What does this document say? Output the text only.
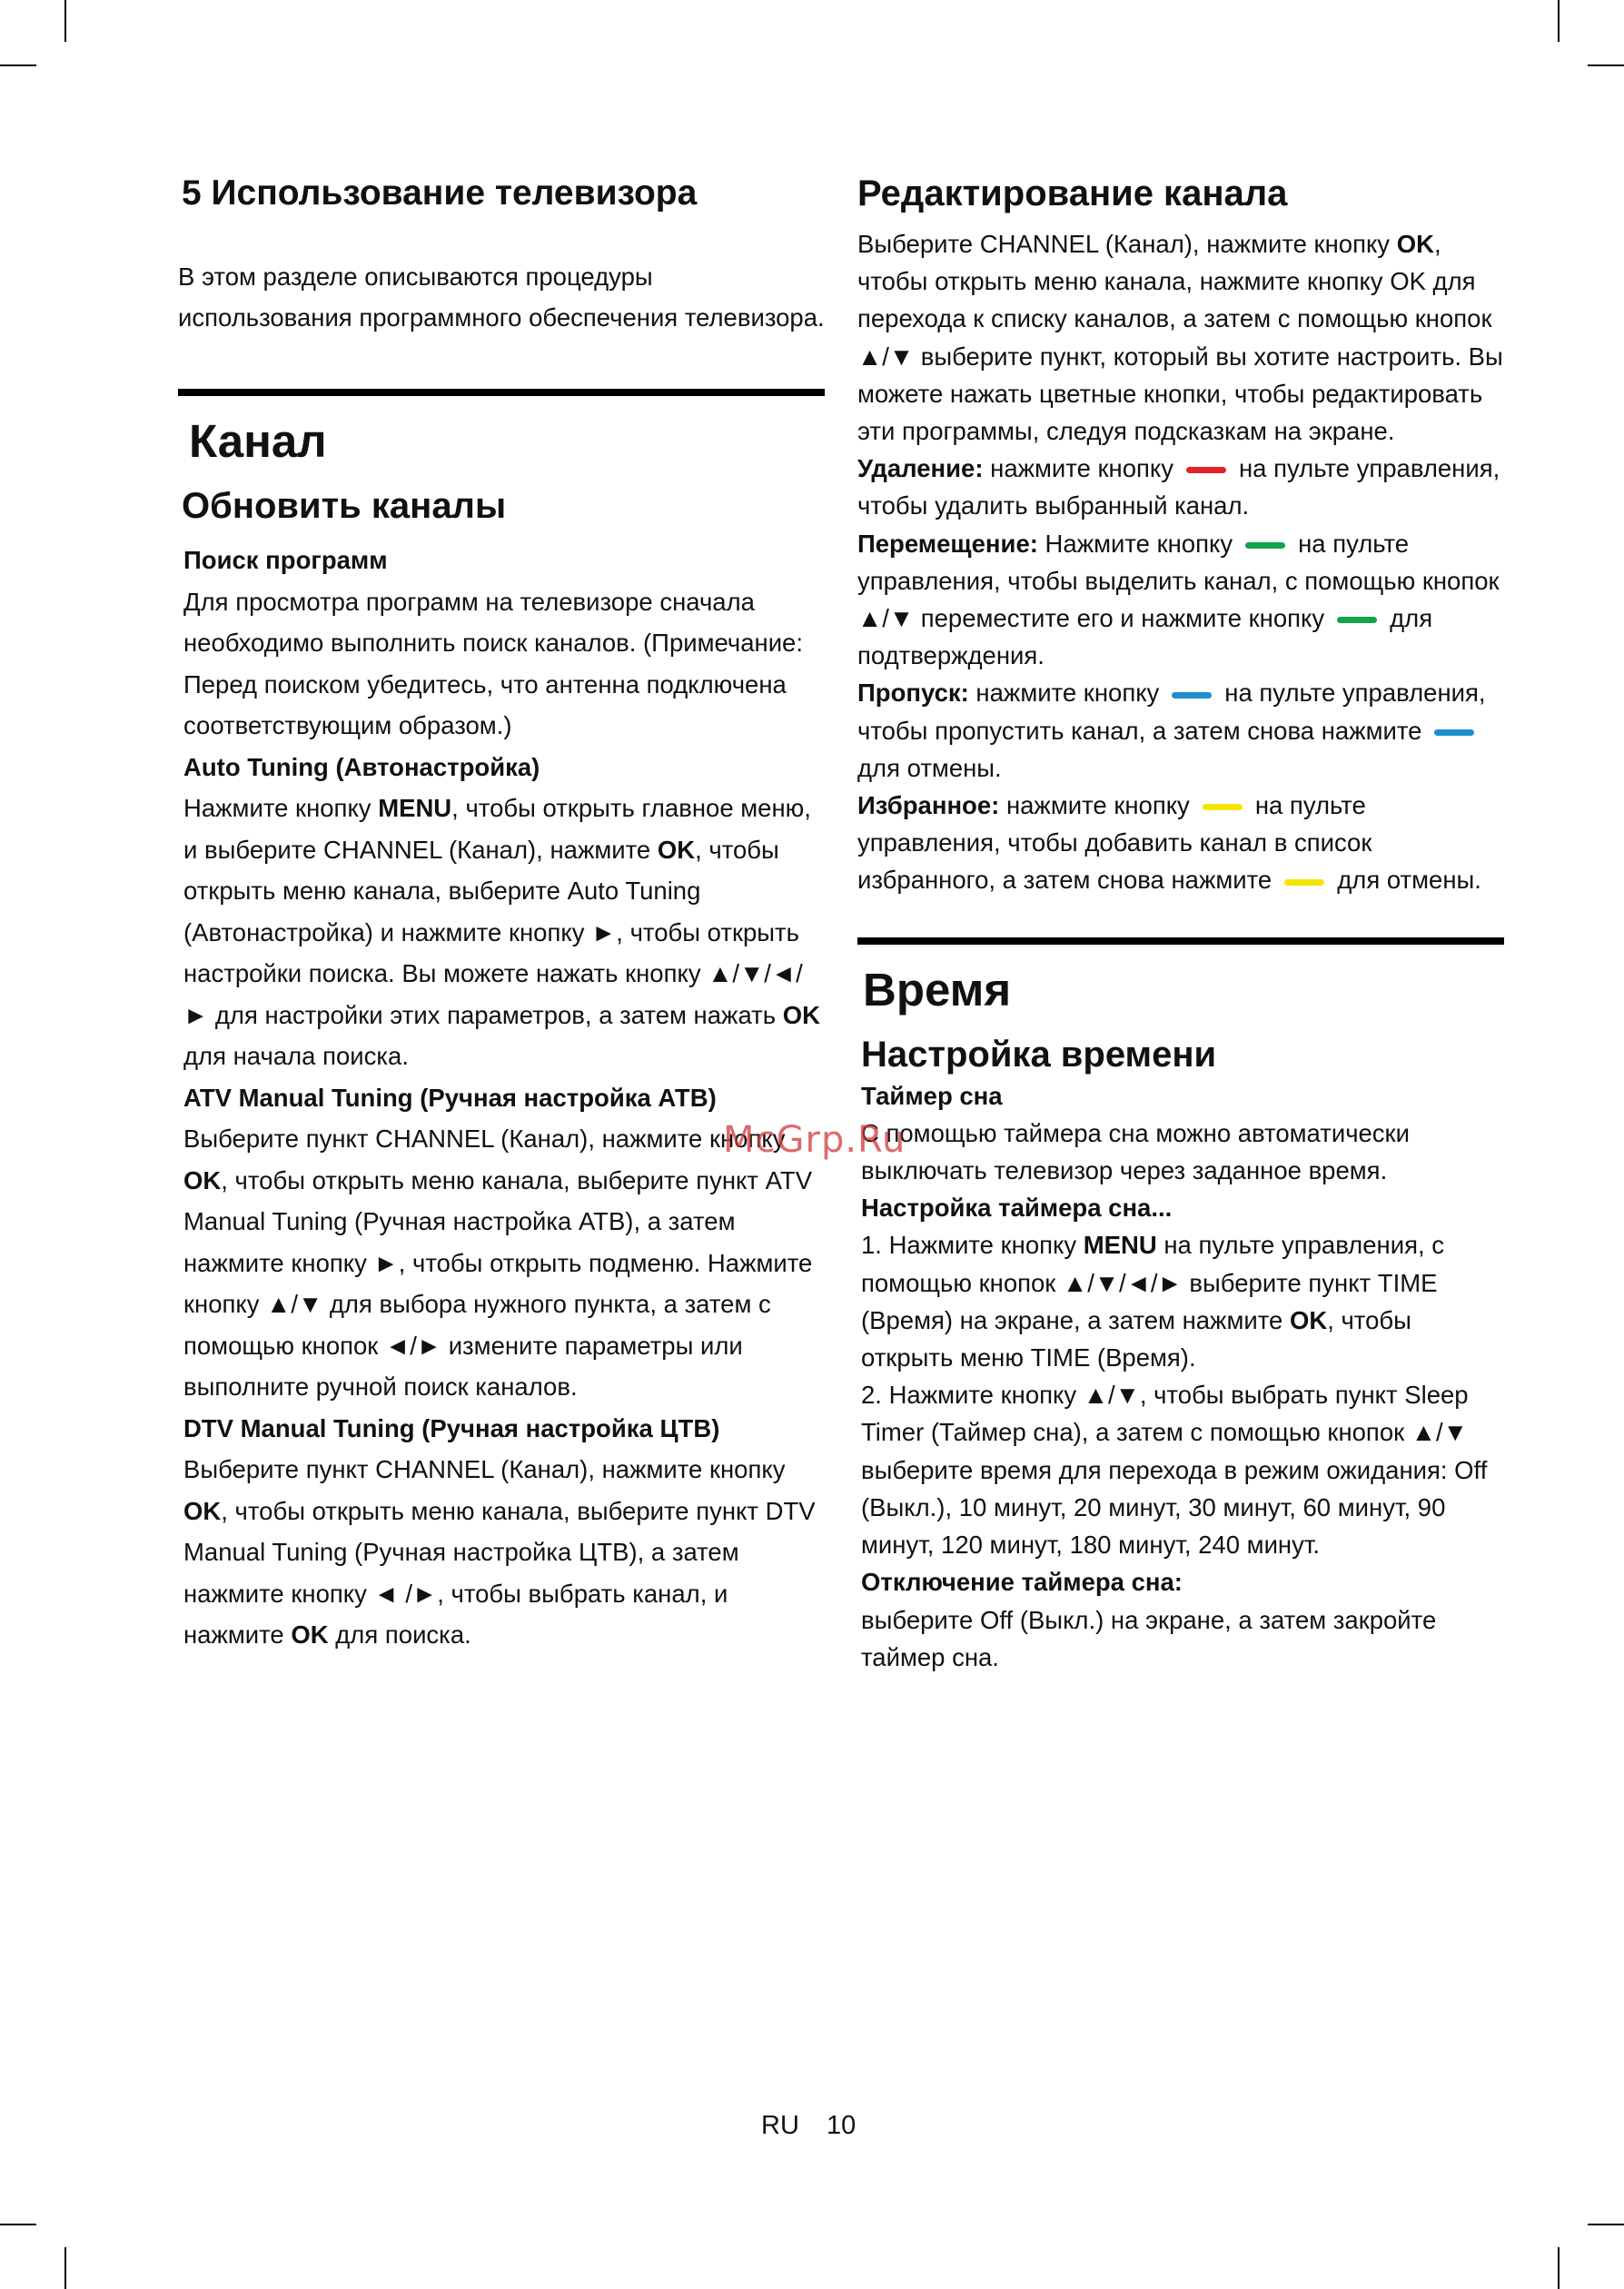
5 Использование телевизора

В этом разделе описываются процедуры использования программного обеспечения телевизора.

Канал
Обновить каналы
Поиск программ

Для просмотра программ на телевизоре сначала необходимо выполнить поиск каналов. (Примечание: Перед поиском убедитесь, что антенна подключена соответствующим образом.)

Auto Tuning (Автонастройка)

Нажмите кнопку MENU, чтобы открыть главное меню, и выберите CHANNEL (Канал), нажмите OK, чтобы открыть меню канала, выберите Auto Tuning (Автонастройка) и нажмите кнопку ►, чтобы открыть настройки поиска. Вы можете нажать кнопку ▲/▼/◄/► для настройки этих параметров, а затем нажать OK для начала поиска.

ATV Manual Tuning (Ручная настройка АТВ)

Выберите пункт CHANNEL (Канал), нажмите кнопку OK, чтобы открыть меню канала, выберите пункт ATV Manual Tuning (Ручная настройка АТВ), а затем нажмите кнопку ►, чтобы открыть подменю. Нажмите кнопку ▲/▼ для выбора нужного пункта, а затем с помощью кнопок ◄/► измените параметры или выполните ручной поиск каналов.

DTV Manual Tuning (Ручная настройка ЦТВ)

Выберите пункт CHANNEL (Канал), нажмите кнопку OK, чтобы открыть меню канала, выберите пункт DTV Manual Tuning (Ручная настройка ЦТВ), а затем нажмите кнопку ◄ /►, чтобы выбрать канал, и нажмите OK для поиска.

Редактирование канала

Выберите CHANNEL (Канал), нажмите кнопку OK, чтобы открыть меню канала, нажмите кнопку OK для перехода к списку каналов, а затем с помощью кнопок ▲/▼ выберите пункт, который вы хотите настроить. Вы можете нажать цветные кнопки, чтобы редактировать эти программы, следуя подсказкам на экране.

Удаление: нажмите кнопку	на пульте управления, чтобы удалить выбранный канал.

Перемещение: Нажмите кнопку	на пульте управления, чтобы выделить канал, с помощью кнопок ▲/▼ переместите его и нажмите кнопку	для подтверждения.

Пропуск: нажмите кнопку	на пульте управления, чтобы пропустить канал, а затем снова нажмитедля отмены.

Избранное: нажмите кнопку	на пульте управления, чтобы добавить канал в список избранного, а затем снова нажмите	для отмены.

Время
Настройка времени
Таймер сна

С помощью таймера сна можно автоматически выключать телевизор через заданное время.

Настройка таймера сна...

1. Нажмите кнопку MENU на пульте управления, с помощью кнопок ▲/▼/◄/► выберите пункт TIME (Время) на экране, а затем нажмите OK, чтобы открыть меню TIME (Время).

2. Нажмите кнопку ▲/▼, чтобы выбрать пункт Sleep Timer (Таймер сна), а затем с помощью кнопок ▲/▼ выберите время для перехода в режим ожидания: Off (Выкл.), 10 минут, 20 минут, 30 минут, 60 минут, 90 минут, 120 минут, 180 минут, 240 минут.

Отключение таймера сна:

выберите Off (Выкл.) на экране, а затем закройте таймер сна.

McGrp.Ru
RU 10
